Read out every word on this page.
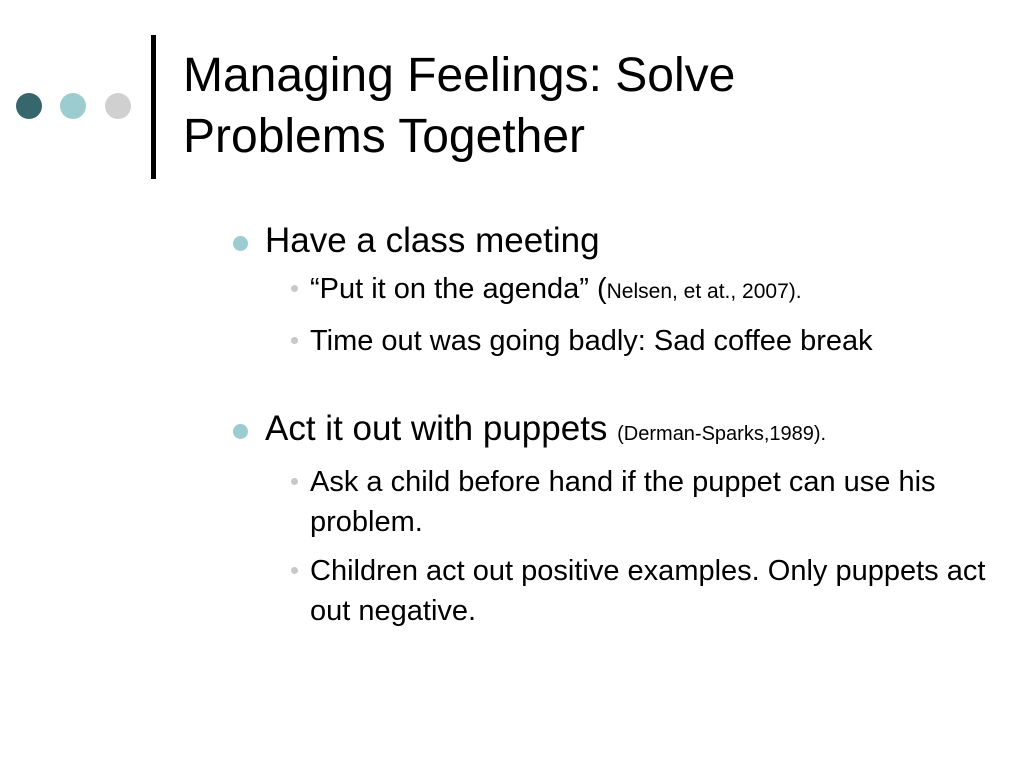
Managing Feelings: Solve
Problems Together
Have a class meeting
“Put it on the agenda” (Nelsen, et at., 2007).
Time out was going badly: Sad coffee break
Act it out with puppets (Derman-Sparks,1989).
Ask a child before hand if the puppet can use his problem.
Children act out positive examples. Only puppets act out negative.
